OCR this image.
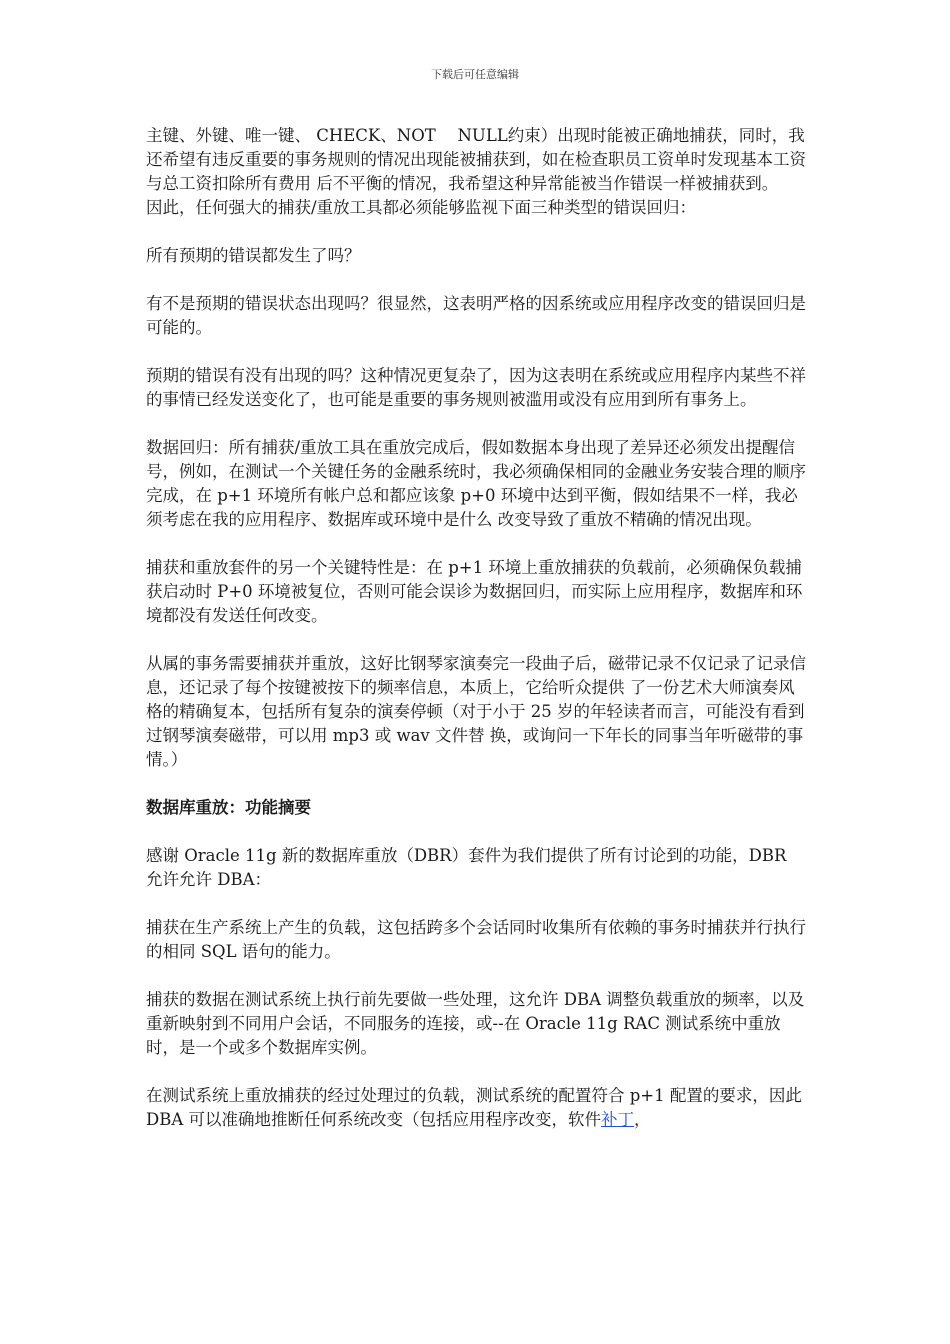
下载后可任意编辑

主键、外键、唯一键、 CHECK、NOT　 NULL约束）出现时能被正确地捕获，同时，我还希望有违反重要的事务规则的情况出现能被捕获到，如在检查职员工资单时发现基本工资与总工资扣除所有费用 后不平衡的情况，我希望这种异常能被当作错误一样被捕获到。

因此，任何强大的捕获/重放工具都必须能够监视下面三种类型的错误回归：

所有预期的错误都发生了吗？

有不是预期的错误状态出现吗？很显然，这表明严格的因系统或应用程序改变的错误回归是可能的。

预期的错误有没有出现的吗？这种情况更复杂了，因为这表明在系统或应用程序内某些不祥的事情已经发送变化了，也可能是重要的事务规则被滥用或没有应用到所有事务上。

数据回归：所有捕获/重放工具在重放完成后，假如数据本身出现了差异还必须发出提醒信号，例如，在测试一个关键任务的金融系统时，我必须确保相同的金融业务安装合理的顺序完成，在 p+1 环境所有帐户总和都应该象 p+0 环境中达到平衡，假如结果不一样，我必须考虑在我的应用程序、数据库或环境中是什么 改变导致了重放不精确的情况出现。

捕获和重放套件的另一个关键特性是：在 p+1 环境上重放捕获的负载前，必须确保负载捕获启动时 P+0 环境被复位，否则可能会误诊为数据回归，而实际上应用程序，数据库和环境都没有发送任何改变。

从属的事务需要捕获并重放，这好比钢琴家演奏完一段曲子后，磁带记录不仅记录了记录信息，还记录了每个按键被按下的频率信息，本质上，它给听众提供 了一份艺术大师演奏风格的精确复本，包括所有复杂的演奏停顿（对于小于 25 岁的年轻读者而言，可能没有看到过钢琴演奏磁带，可以用 mp3 或 wav 文件替 换，或询问一下年长的同事当年听磁带的事情。）

数据库重放：功能摘要

感谢 Oracle 11g 新的数据库重放（DBR）套件为我们提供了所有讨论到的功能，DBR 允许允许 DBA：

捕获在生产系统上产生的负载，这包括跨多个会话同时收集所有依赖的事务时捕获并行执行的相同 SQL 语句的能力。

捕获的数据在测试系统上执行前先要做一些处理，这允许 DBA 调整负载重放的频率，以及重新映射到不同用户会话，不同服务的连接，或--在 Oracle 11g RAC 测试系统中重放时，是一个或多个数据库实例。

在测试系统上重放捕获的经过处理过的负载，测试系统的配置符合 p+1 配置的要求，因此 DBA 可以准确地推断任何系统改变（包括应用程序改变，软件补丁，
